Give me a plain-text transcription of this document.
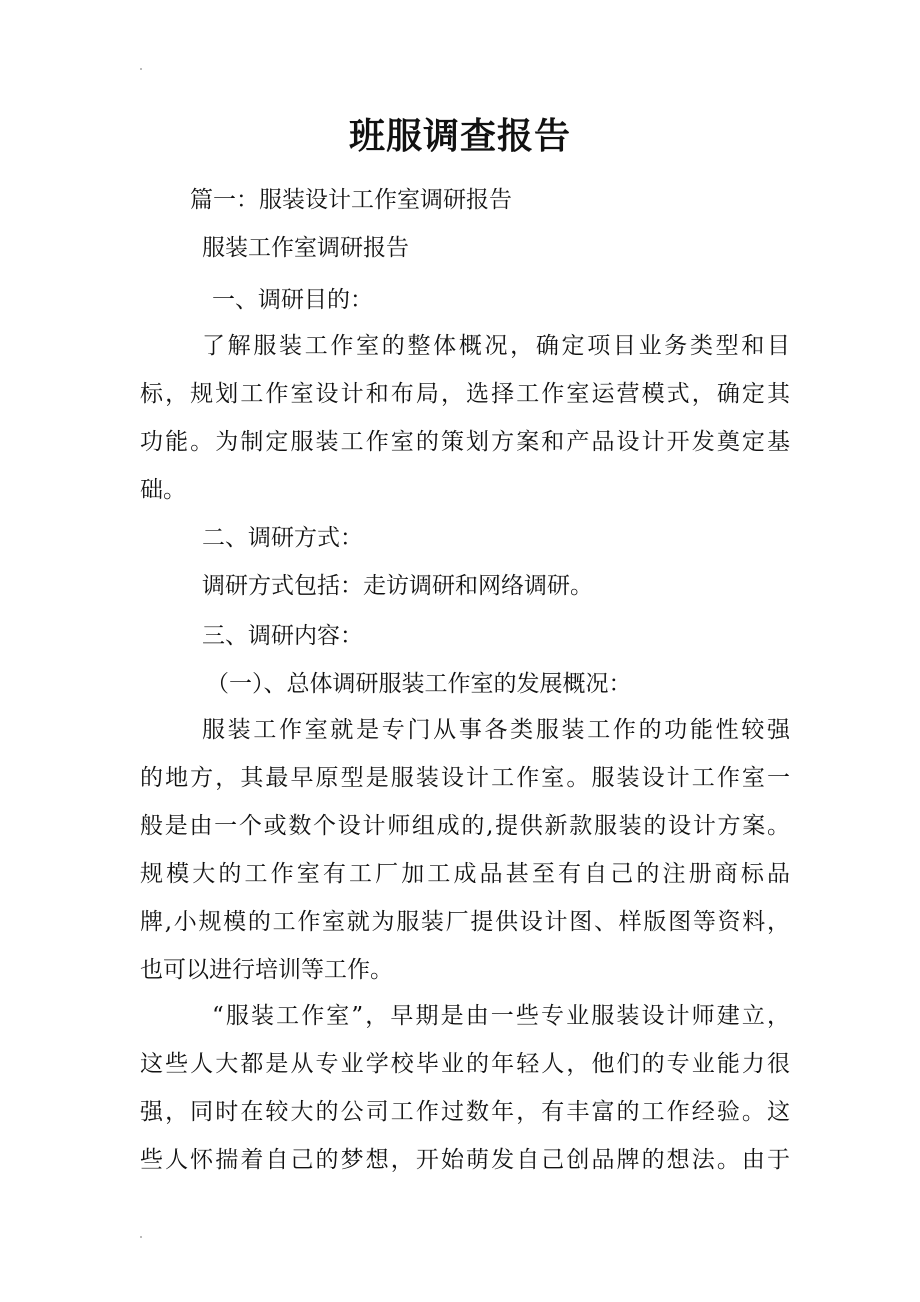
班服调查报告
篇一：服装设计工作室调研报告
服装工作室调研报告
一、调研目的：
了解服装工作室的整体概况，确定项目业务类型和目
标，规划工作室设计和布局，选择工作室运营模式，确定其
功能。为制定服装工作室的策划方案和产品设计开发奠定基
础。
二、调研方式：
调研方式包括：走访调研和网络调研。
三、调研内容：
（一）、总体调研服装工作室的发展概况：
服装工作室就是专门从事各类服装工作的功能性较强
的地方，其最早原型是服装设计工作室。服装设计工作室一
般是由一个或数个设计师组成的,提供新款服装的设计方案。
规模大的工作室有工厂加工成品甚至有自己的注册商标品
牌,小规模的工作室就为服装厂提供设计图、样版图等资料，
也可以进行培训等工作。
“服装工作室”，早期是由一些专业服装设计师建立，
这些人大都是从专业学校毕业的年轻人，他们的专业能力很
强，同时在较大的公司工作过数年，有丰富的工作经验。这
些人怀揣着自己的梦想，开始萌发自己创品牌的想法。由于
